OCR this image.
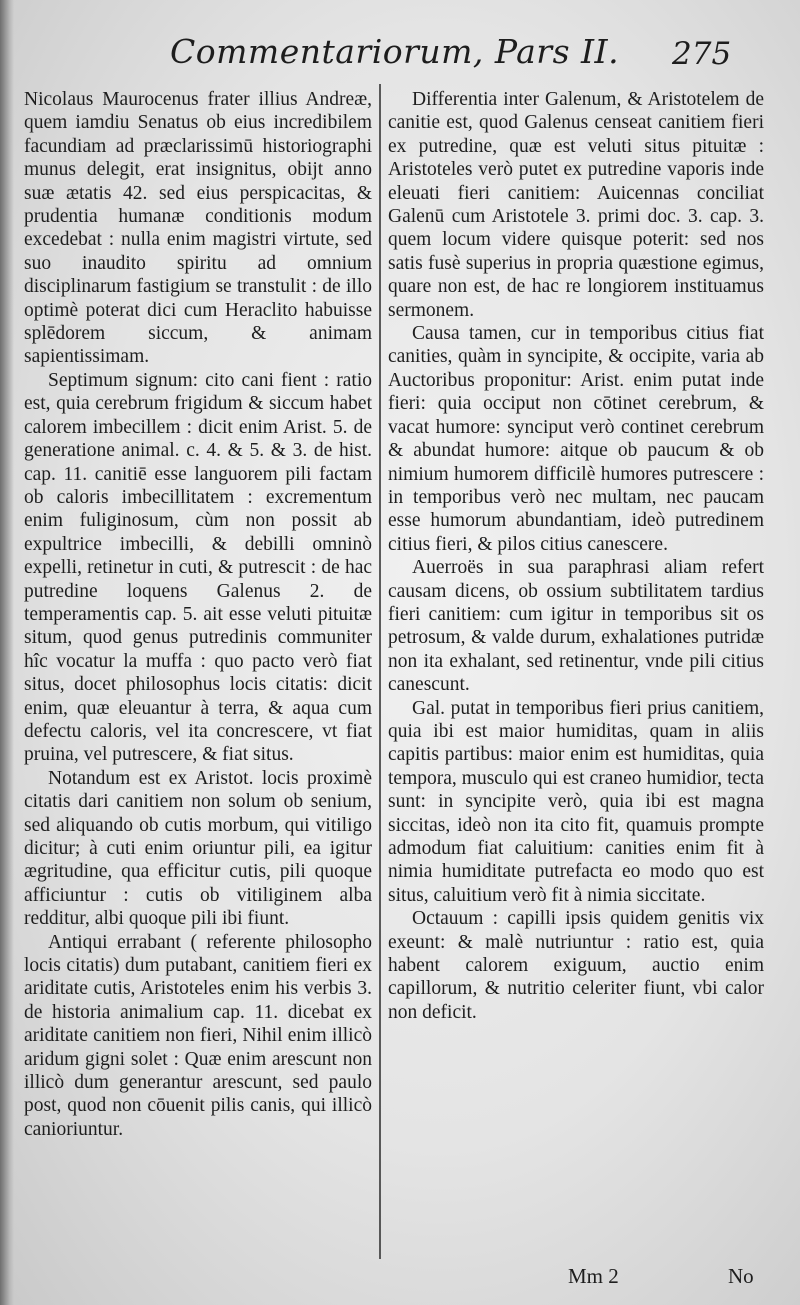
Commentariorum, Pars II. 275

Nicolaus Maurocenus frater illius Andreæ, quem iamdiu Senatus ob eius incredibilem facundiam ad præclarissimū historiographi munus delegit, erat insignitus, obijt anno suæ ætatis 42. sed eius perspicacitas, & prudentia humanæ conditionis modum excedebat : nulla enim magistri virtute, sed suo inaudito spiritu ad omnium disciplinarum fastigium se transtulit : de illo optimè poterat dici cum Heraclito habuisse splēdorem siccum, & animam sapientissimam.

Septimum signum: cito cani fient : ratio est, quia cerebrum frigidum & siccum habet calorem imbecillem : dicit enim Arist. 5. de generatione animal. c. 4. & 5. & 3. de hist. cap. 11. canitiē esse languorem pili factam ob caloris imbecillitatem : excrementum enim fuliginosum, cùm non possit ab expultrice imbecilli, & debilli omninò expelli, retinetur in cuti, & putrescit : de hac putredine loquens Galenus 2. de temperamentis cap. 5. ait esse veluti pituitæ situm, quod genus putredinis communiter hîc vocatur la muffa : quo pacto verò fiat situs, docet philosophus locis citatis: dicit enim, quæ eleuantur à terra, & aqua cum defectu caloris, vel ita concrescere, vt fiat pruina, vel putrescere, & fiat situs.

Notandum est ex Aristot. locis proximè citatis dari canitiem non solum ob senium, sed aliquando ob cutis morbum, qui vitiligo dicitur; à cuti enim oriuntur pili, ea igitur ægritudine, qua efficitur cutis, pili quoque afficiuntur : cutis ob vitiliginem alba redditur, albi quoque pili ibi fiunt.

Antiqui errabant ( referente philosopho locis citatis) dum putabant, canitiem fieri ex ariditate cutis, Aristoteles enim his verbis 3. de historia animalium cap. 11. dicebat ex ariditate canitiem non fieri, Nihil enim illicò aridum gigni solet : Quæ enim arescunt non illicò dum generantur arescunt, sed paulo post, quod non cōuenit pilis canis, qui illicò canioriuntur.

Differentia inter Galenum, & Aristotelem de canitie est, quod Galenus censeat canitiem fieri ex putredine, quæ est veluti situs pituitæ : Aristoteles verò putet ex putredine vaporis inde eleuati fieri canitiem: Auicennas conciliat Galenū cum Aristotele 3. primi doc. 3. cap. 3. quem locum videre quisque poterit: sed nos satis fusè superius in propria quæstione egimus, quare non est, de hac re longiorem instituamus sermonem.

Causa tamen, cur in temporibus citius fiat canities, quàm in syncipite, & occipite, varia ab Auctoribus proponitur: Arist. enim putat inde fieri: quia occiput non cōtinet cerebrum, & vacat humore: synciput verò continet cerebrum & abundat humore: aitque ob paucum & ob nimium humorem difficilè humores putrescere : in temporibus verò nec multam, nec paucam esse humorum abundantiam, ideò putredinem citius fieri, & pilos citius canescere.

Auerroës in sua paraphrasi aliam refert causam dicens, ob ossium subtilitatem tardius fieri canitiem: cum igitur in temporibus sit os petrosum, & valde durum, exhalationes putridæ non ita exhalant, sed retinentur, vnde pili citius canescunt.

Gal. putat in temporibus fieri prius canitiem, quia ibi est maior humiditas, quam in aliis capitis partibus: maior enim est humiditas, quia tempora, musculo qui est craneo humidior, tecta sunt: in syncipite verò, quia ibi est magna siccitas, ideò non ita cito fit, quamuis prompte admodum fiat caluitium: canities enim fit à nimia humiditate putrefacta eo modo quo est situs, caluitium verò fit à nimia siccitate.

Octauum : capilli ipsis quidem genitis vix exeunt: & malè nutriuntur : ratio est, quia habent calorem exiguum, auctio enim capillorum, & nutritio celeriter fiunt, vbi calor non deficit.

Mm 2	No
